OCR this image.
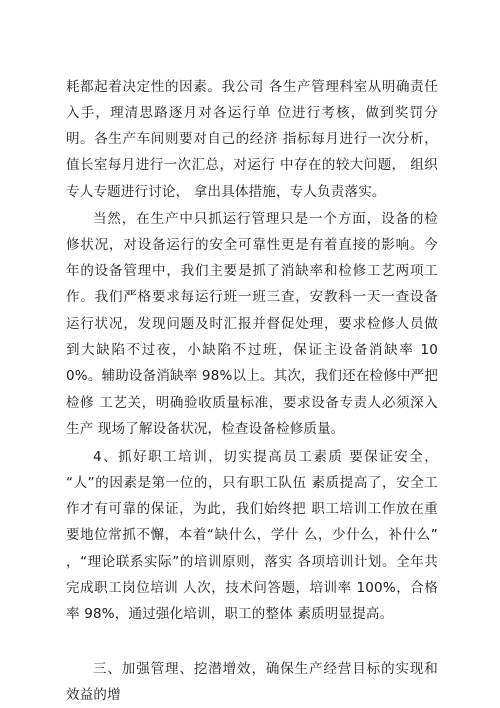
耗都起着决定性的因素。我公司 各生产管理科室从明确责任入手，理清思路逐月对各运行单 位进行考核，做到奖罚分明。各生产车间则要对自己的经济 指标每月进行一次分析，值长室每月进行一次汇总，对运行 中存在的较大问题， 组织专人专题进行讨论， 拿出具体措施，专人负责落实。

当然，在生产中只抓运行管理只是一个方面，设备的检 修状况，对设备运行的安全可靠性更是有着直接的影响。今 年的设备管理中，我们主要是抓了消缺率和检修工艺两项工 作。我们严格要求每运行班一班三查，安教科一天一查设备 运行状况，发现问题及时汇报并督促处理，要求检修人员做 到大缺陷不过夜，小缺陷不过班，保证主设备消缺率 100%。辅助设备消缺率 98%以上。其次，我们还在检修中严把检修 工艺关，明确验收质量标准，要求设备专责人必须深入生产 现场了解设备状况，检查设备检修质量。

4、抓好职工培训，切实提高员工素质 要保证安全， “人”的因素是第一位的，只有职工队伍 素质提高了，安全工作才有可靠的保证，为此，我们始终把 职工培训工作放在重要地位常抓不懈，本着“缺什么，学什 么，少什么，补什么” ，“理论联系实际”的培训原则，落实 各项培训计划。全年共完成职工岗位培训 人次，技术问答题，培训率 100%，合格率 98%，通过强化培训，职工的整体 素质明显提高。

三、加强管理、挖潜增效，确保生产经营目标的实现和 效益的增
